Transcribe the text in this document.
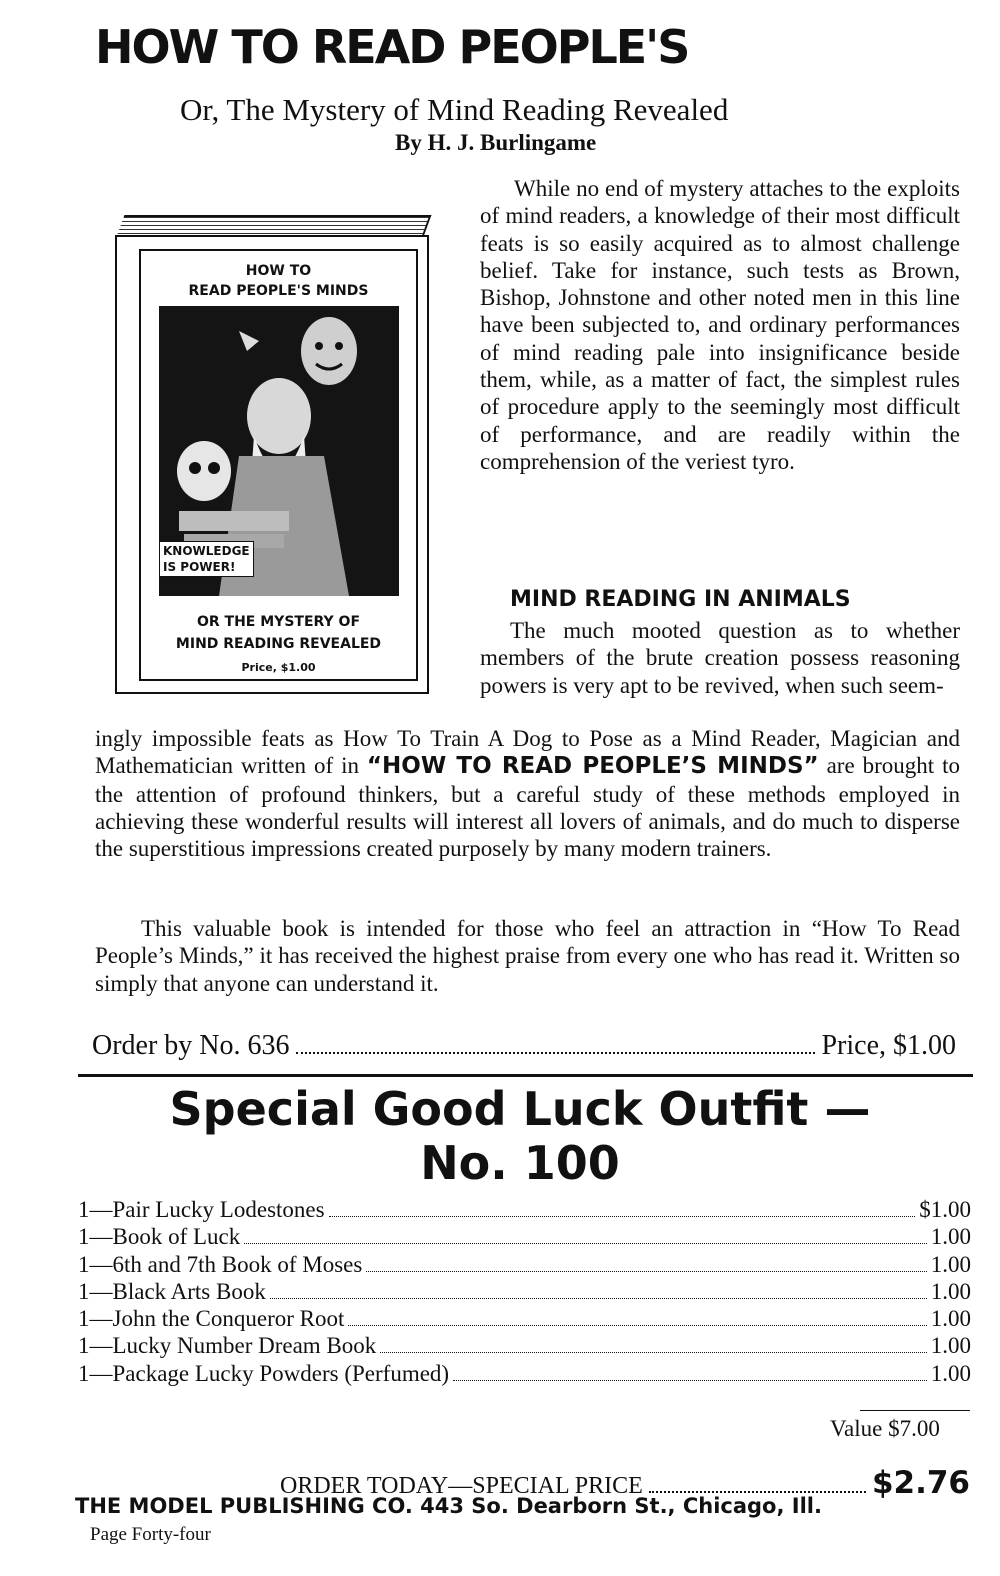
HOW TO READ PEOPLE'S
Or, The Mystery of Mind Reading Revealed
By H. J. Burlingame
HOW TO
READ PEOPLE'S MINDS
KNOWLEDGE
IS POWER!
OR THE MYSTERY OF
MIND READING REVEALED
Price, $1.00

While no end of mystery attaches to the exploits of mind readers, a knowledge of their most difficult feats is so easily acquired as to almost challenge belief. Take for instance, such tests as Brown, Bishop, Johnstone and other noted men in this line have been subjected to, and ordinary performances of mind reading pale into insignificance beside them, while, as a matter of fact, the simplest rules of procedure apply to the seemingly most difficult of performance, and are readily within the comprehension of the veriest tyro.

MIND READING IN ANIMALS
The much mooted question as to whether members of the brute creation possess reasoning powers is very apt to be revived, when such seem-
ingly impossible feats as How To Train A Dog to Pose as a Mind Reader, Magician and Mathematician written of in “HOW TO READ PEOPLE’S MINDS” are brought to the attention of profound thinkers, but a careful study of these methods employed in achieving these wonderful results will interest all lovers of animals, and do much to disperse the superstitious impressions created purposely by many modern trainers.
This valuable book is intended for those who feel an attraction in “How To Read People’s Minds,” it has received the highest praise from every one who has read it. Written so simply that anyone can understand it.
Order by No. 636	Price, $1.00
Special Good Luck Outfit —
No. 100
1—Pair Lucky Lodestones	$1.00
1—Book of Luck	1.00
1—6th and 7th Book of Moses	1.00
1—Black Arts Book	1.00
1—John the Conqueror Root	1.00
1—Lucky Number Dream Book	1.00
1—Package Lucky Powders (Perfumed)	1.00
Value $7.00
ORDER TODAY—SPECIAL PRICE	$2.76
THE MODEL PUBLISHING CO. 443 So. Dearborn St., Chicago, Ill.
Page Forty-four
